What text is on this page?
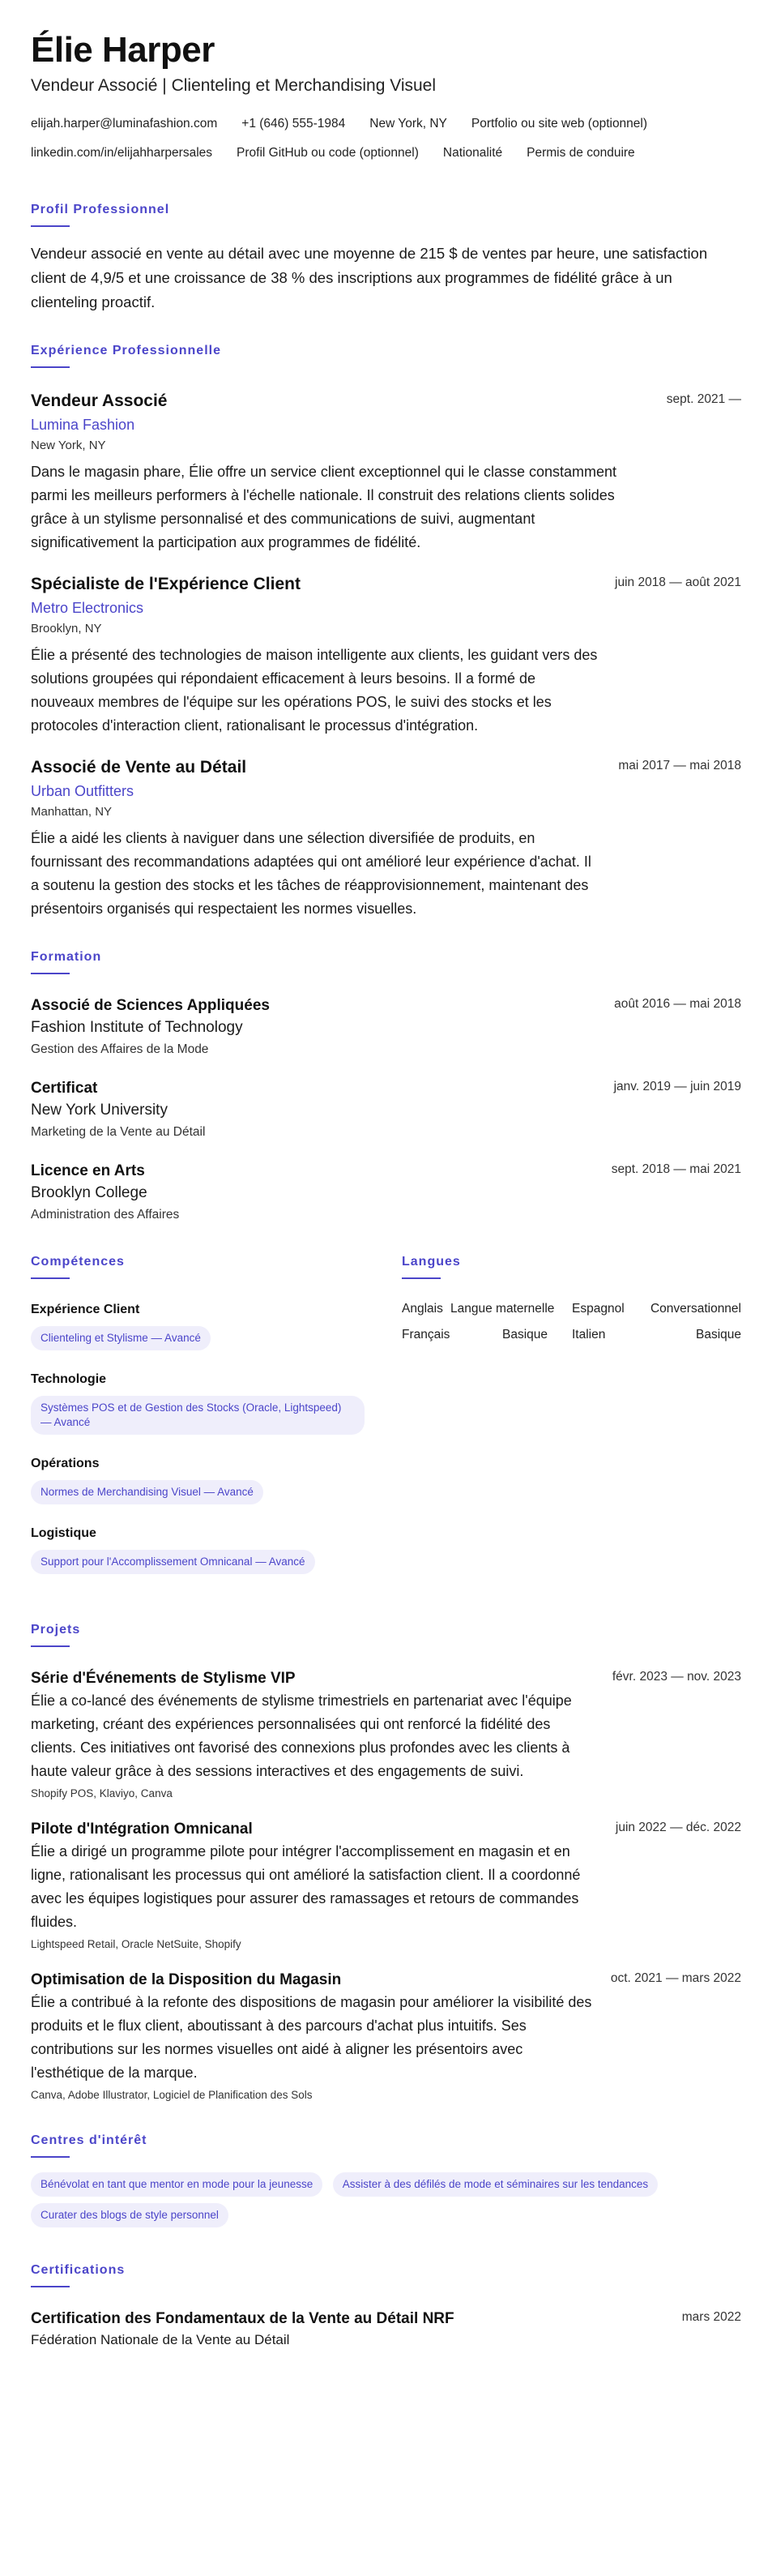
Élie Harper
Vendeur Associé | Clienteling et Merchandising Visuel
elijah.harper@luminafashion.com +1 (646) 555-1984 New York, NY Portfolio ou site web (optionnel)
linkedin.com/in/elijahharpersales Profil GitHub ou code (optionnel) Nationalité Permis de conduire
Profil Professionnel
Vendeur associé en vente au détail avec une moyenne de 215 $ de ventes par heure, une satisfaction client de 4,9/5 et une croissance de 38 % des inscriptions aux programmes de fidélité grâce à un clienteling proactif.
Expérience Professionnelle
Vendeur Associé	sept. 2021 —
Lumina Fashion
New York, NY
Dans le magasin phare, Élie offre un service client exceptionnel qui le classe constamment parmi les meilleurs performers à l'échelle nationale. Il construit des relations clients solides grâce à un stylisme personnalisé et des communications de suivi, augmentant significativement la participation aux programmes de fidélité.
Spécialiste de l'Expérience Client	juin 2018 — août 2021
Metro Electronics
Brooklyn, NY
Élie a présenté des technologies de maison intelligente aux clients, les guidant vers des solutions groupées qui répondaient efficacement à leurs besoins. Il a formé de nouveaux membres de l'équipe sur les opérations POS, le suivi des stocks et les protocoles d'interaction client, rationalisant le processus d'intégration.
Associé de Vente au Détail	mai 2017 — mai 2018
Urban Outfitters
Manhattan, NY
Élie a aidé les clients à naviguer dans une sélection diversifiée de produits, en fournissant des recommandations adaptées qui ont amélioré leur expérience d'achat. Il a soutenu la gestion des stocks et les tâches de réapprovisionnement, maintenant des présentoirs organisés qui respectaient les normes visuelles.
Formation
Associé de Sciences Appliquées	août 2016 — mai 2018
Fashion Institute of Technology
Gestion des Affaires de la Mode
Certificat	janv. 2019 — juin 2019
New York University
Marketing de la Vente au Détail
Licence en Arts	sept. 2018 — mai 2021
Brooklyn College
Administration des Affaires
Compétences
Expérience Client
Clienteling et Stylisme — Avancé
Technologie
Systèmes POS et de Gestion des Stocks (Oracle, Lightspeed) — Avancé
Opérations
Normes de Merchandising Visuel — Avancé
Logistique
Support pour l'Accomplissement Omnicanal — Avancé
Langues
Anglais Langue maternelle	Espagnol	Conversationnel
Français	Basique	Italien	Basique
Projets
Série d'Événements de Stylisme VIP	févr. 2023 — nov. 2023
Élie a co-lancé des événements de stylisme trimestriels en partenariat avec l'équipe marketing, créant des expériences personnalisées qui ont renforcé la fidélité des clients. Ces initiatives ont favorisé des connexions plus profondes avec les clients à haute valeur grâce à des sessions interactives et des engagements de suivi.
Shopify POS, Klaviyo, Canva
Pilote d'Intégration Omnicanal	juin 2022 — déc. 2022
Élie a dirigé un programme pilote pour intégrer l'accomplissement en magasin et en ligne, rationalisant les processus qui ont amélioré la satisfaction client. Il a coordonné avec les équipes logistiques pour assurer des ramassages et retours de commandes fluides.
Lightspeed Retail, Oracle NetSuite, Shopify
Optimisation de la Disposition du Magasin	oct. 2021 — mars 2022
Élie a contribué à la refonte des dispositions de magasin pour améliorer la visibilité des produits et le flux client, aboutissant à des parcours d'achat plus intuitifs. Ses contributions sur les normes visuelles ont aidé à aligner les présentoirs avec l'esthétique de la marque.
Canva, Adobe Illustrator, Logiciel de Planification des Sols
Centres d'intérêt
Bénévolat en tant que mentor en mode pour la jeunesse	Assister à des défilés de mode et séminaires sur les tendances Curater des blogs de style personnel
Certifications
Certification des Fondamentaux de la Vente au Détail NRF	mars 2022
Fédération Nationale de la Vente au Détail
